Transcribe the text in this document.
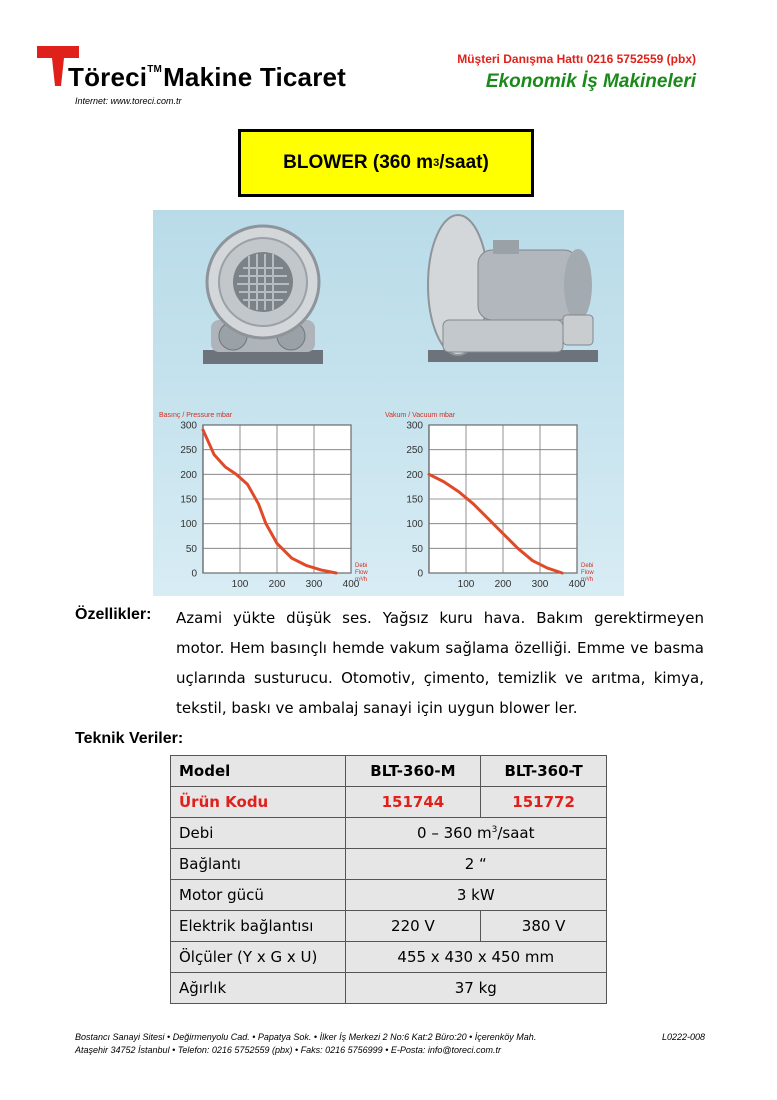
Töreci™Makine Ticaret
Internet: www.toreci.com.tr
Müşteri Danışma Hattı 0216 5752559 (pbx)
Ekonomik İş Makineleri
BLOWER (360 m 3 /saat)
Basınç / Pressure mbar
0
50
100
150
200
250
300
100 200 300 400
Debi Flow m³/h
Vakum / Vacuum mbar
0
50
100
150
200
250
300
100 200 300 400
Debi Flow m³/h
Özellikler: Azami yükte düşük ses. Yağsız kuru hava. Bakım gerektirmeyen motor. Hem basınçlı hemde vakum sağlama özelliği. Emme ve basma uçlarında susturucu. Otomotiv, çimento, temizlik ve arıtma, kimya, tekstil, baskı ve ambalaj sanayi için uygun blower ler.
Teknik Veriler:
Model	BLT-360-M	BLT-360-T
Ürün Kodu	151744	151772
Debi	0 – 360 $m^3$/saat	
Bağlantı	2 “	
Motor gücü	3 kW	
Elektrik bağlantısı	220 V	380 V
Ölçüler (Y x G x U)	455 x 430 x 450 mm	
Ağırlık	37 kg	
Bostancı Sanayi Sitesi • Değirmenyolu Cad. • Papatya Sok. • İlker İş Merkezi 2 No:6 Kat:2 Büro:20 • İçerenköy Mah.
Ataşehir 34752 İstanbul • Telefon: 0216 5752559 (pbx) • Faks: 0216 5756999 • E-Posta: info@toreci.com.tr
L0222-008
